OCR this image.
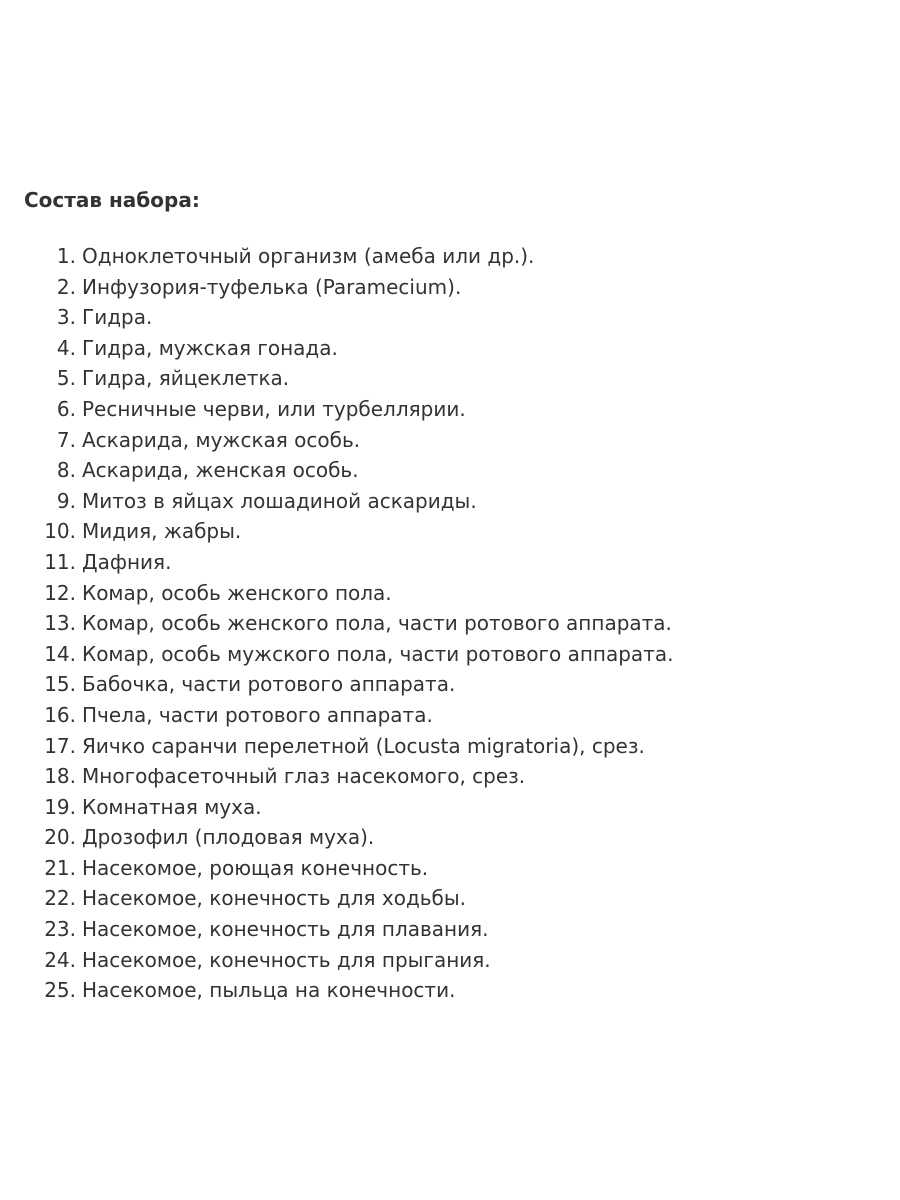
Состав набора:
1. Одноклеточный организм (амеба или др.).
2. Инфузория-туфелька (Paramecium).
3. Гидра.
4. Гидра, мужская гонада.
5. Гидра, яйцеклетка.
6. Ресничные черви, или турбеллярии.
7. Аскарида, мужская особь.
8. Аскарида, женская особь.
9. Митоз в яйцах лошадиной аскариды.
10. Мидия, жабры.
11. Дафния.
12. Комар, особь женского пола.
13. Комар, особь женского пола, части ротового аппарата.
14. Комар, особь мужского пола, части ротового аппарата.
15. Бабочка, части ротового аппарата.
16. Пчела, части ротового аппарата.
17. Яичко саранчи перелетной (Locusta migratoria), срез.
18. Многофасеточный глаз насекомого, срез.
19. Комнатная муха.
20. Дрозофил (плодовая муха).
21. Насекомое, роющая конечность.
22. Насекомое, конечность для ходьбы.
23. Насекомое, конечность для плавания.
24. Насекомое, конечность для прыгания.
25. Насекомое, пыльца на конечности.
